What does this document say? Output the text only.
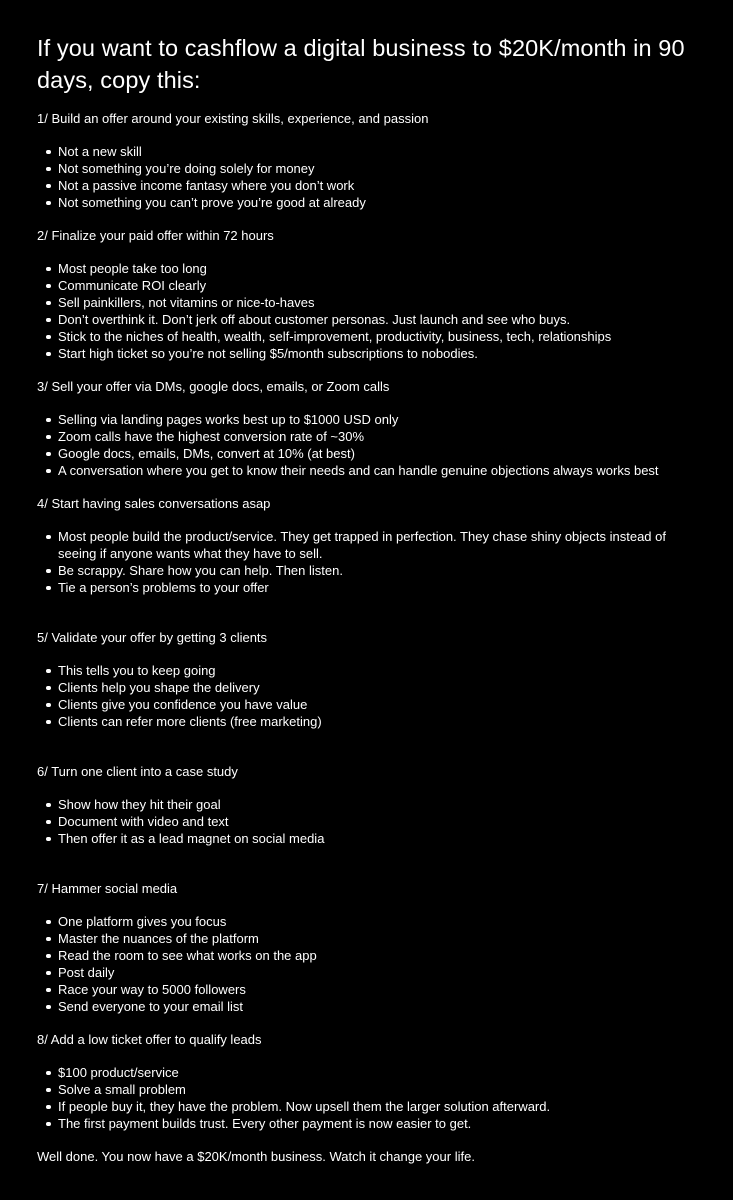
If you want to cashflow a digital business to $20K/month in 90 days, copy this:

1/ Build an offer around your existing skills, experience, and passion

Not a new skill
Not something you’re doing solely for money
Not a passive income fantasy where you don’t work
Not something you can’t prove you’re good at already

2/ Finalize your paid offer within 72 hours

Most people take too long
Communicate ROI clearly
Sell painkillers, not vitamins or nice-to-haves
Don’t overthink it. Don’t jerk off about customer personas. Just launch and see who buys.
Stick to the niches of health, wealth, self-improvement, productivity, business, tech, relationships
Start high ticket so you’re not selling $5/month subscriptions to nobodies.

3/ Sell your offer via DMs, google docs, emails, or Zoom calls

Selling via landing pages works best up to $1000 USD only
Zoom calls have the highest conversion rate of ~30%
Google docs, emails, DMs, convert at 10% (at best)
A conversation where you get to know their needs and can handle genuine objections always works best

4/ Start having sales conversations asap

Most people build the product/service. They get trapped in perfection. They chase shiny objects instead of seeing if anyone wants what they have to sell.
Be scrappy. Share how you can help. Then listen.
Tie a person’s problems to your offer

5/ Validate your offer by getting 3 clients

This tells you to keep going
Clients help you shape the delivery
Clients give you confidence you have value
Clients can refer more clients (free marketing)

6/ Turn one client into a case study

Show how they hit their goal
Document with video and text
Then offer it as a lead magnet on social media

7/ Hammer social media

One platform gives you focus
Master the nuances of the platform
Read the room to see what works on the app
Post daily
Race your way to 5000 followers
Send everyone to your email list

8/ Add a low ticket offer to qualify leads

$100 product/service
Solve a small problem
If people buy it, they have the problem. Now upsell them the larger solution afterward.
The first payment builds trust. Every other payment is now easier to get.

Well done. You now have a $20K/month business. Watch it change your life.
